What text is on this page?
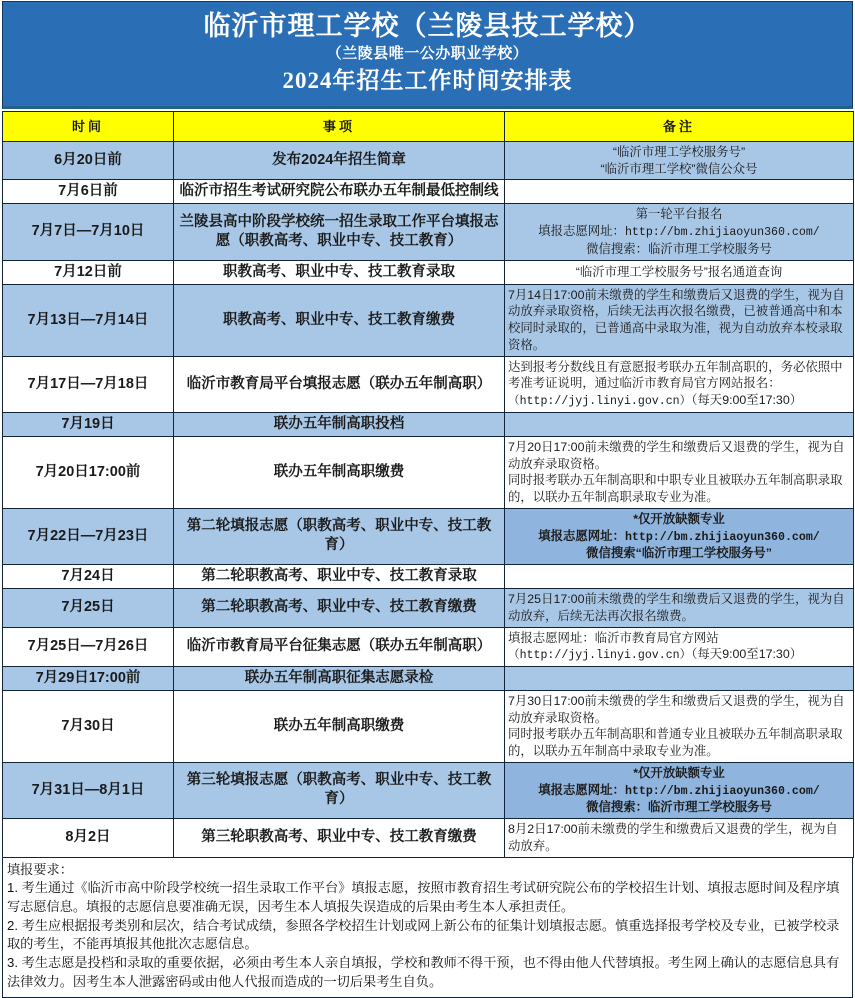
临沂市理工学校（兰陵县技工学校）
（兰陵县唯一公办职业学校）
2024年招生工作时间安排表
时间	事项	备注
6月20日前	发布2024年招生简章	“临沂市理工学校服务号”
“临沂市理工学校”微信公众号

7月6日前	临沂市招生考试研究院公布联办五年制最低控制线	
7月7日—7月10日	兰陵县高中阶段学校统一招生录取工作平台填报志愿（职教高考、职业中专、技工教育）	第一轮平台报名
填报志愿网址：http://bm.zhijiaoyun360.com/
微信搜索：临沂市理工学校服务号

7月12日前	职教高考、职业中专、技工教育录取	“临沂市理工学校服务号”报名通道查询

7月13日—7月14日	职教高考、职业中专、技工教育缴费	7月14日17:00前未缴费的学生和缴费后又退费的学生，视为自动放弃录取资格，后续无法再次报名缴费，已被普通高中和本校同时录取的，已普通高中录取为准，视为自动放弃本校录取资格。

7月17日—7月18日	临沂市教育局平台填报志愿（联办五年制高职）	达到报考分数线且有意愿报考联办五年制高职的，务必依照中考准考证说明，通过临沂市教育局官方网站报名：（http://jyj.linyi.gov.cn）（每天9:00至17:30）

7月19日	联办五年制高职投档	
7月20日17:00前	联办五年制高职缴费	7月20日17:00前未缴费的学生和缴费后又退费的学生，视为自动放弃录取资格。
同时报考联办五年制高职和中职专业且被联办五年制高职录取的，以联办五年制高职录取专业为准。

7月22日—7月23日	第二轮填报志愿（职教高考、职业中专、技工教育）	*仅开放缺额专业
填报志愿网址：http://bm.zhijiaoyun360.com/
微信搜索“临沂市理工学校服务号”

7月24日	第二轮职教高考、职业中专、技工教育录取	
7月25日	第二轮职教高考、职业中专、技工教育缴费	7月25日17:00前未缴费的学生和缴费后又退费的学生，视为自动放弃，后续无法再次报名缴费。

7月25日—7月26日	临沂市教育局平台征集志愿（联办五年制高职）	填报志愿网址：临沂市教育局官方网站
（http://jyj.linyi.gov.cn）（每天9:00至17:30）

7月29日17:00前	联办五年制高职征集志愿录检	
7月30日	联办五年制高职缴费	7月30日17:00前未缴费的学生和缴费后又退费的学生，视为自动放弃录取资格。
同时报考联办五年制高职和普通专业且被联办五年制高职录取的，以联办五年制高中录取专业为准。

7月31日—8月1日	第三轮填报志愿（职教高考、职业中专、技工教育）	*仅开放缺额专业
填报志愿网址：http://bm.zhijiaoyun360.com/
微信搜索：临沂市理工学校服务号

8月2日	第三轮职教高考、职业中专、技工教育缴费	8月2日17:00前未缴费的学生和缴费后又退费的学生，视为自动放弃。

填报要求：

1. 考生通过《临沂市高中阶段学校统一招生录取工作平台》填报志愿，按照市教育招生考试研究院公布的学校招生计划、填报志愿时间及程序填写志愿信息。填报的志愿信息要准确无误，因考生本人填报失误造成的后果由考生本人承担责任。

2. 考生应根据报考类别和层次，结合考试成绩，参照各学校招生计划或网上新公布的征集计划填报志愿。慎重选择报考学校及专业，已被学校录取的考生，不能再填报其他批次志愿信息。

3. 考生志愿是投档和录取的重要依据，必须由考生本人亲自填报，学校和教师不得干预，也不得由他人代替填报。考生网上确认的志愿信息具有法律效力。因考生本人泄露密码或由他人代报而造成的一切后果考生自负。
